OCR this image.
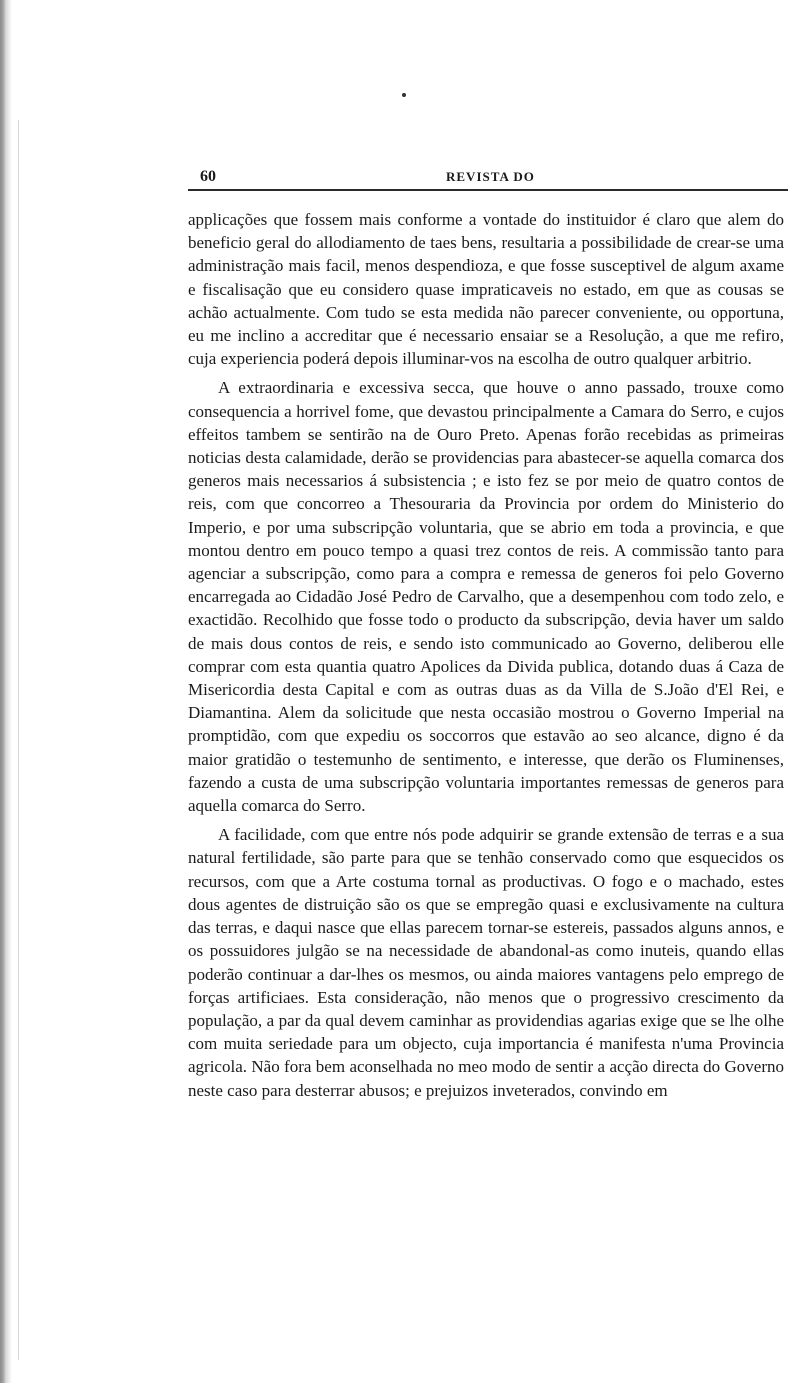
60	REVISTA DO

applicações que fossem mais conforme a vontade do instituidor é claro que alem do beneficio geral do allodiamento de taes bens, resultaria a possibilidade de crear-se uma administração mais facil, menos despendioza, e que fosse susceptivel de algum axame e fiscalisação que eu considero quase impraticaveis no estado, em que as cousas se achão actualmente. Com tudo se esta medida não parecer conveniente, ou opportuna, eu me inclino a accreditar que é necessario ensaiar se a Resolução, a que me refiro, cuja experiencia poderá depois illuminar-vos na escolha de outro qualquer arbitrio.

A extraordinaria e excessiva secca, que houve o anno passado, trouxe como consequencia a horrivel fome, que devastou principalmente a Camara do Serro, e cujos effeitos tambem se sentirão na de Ouro Preto. Apenas forão recebidas as primeiras noticias desta calamidade, derão se providencias para abastecer-se aquella comarca dos generos mais necessarios á subsistencia ; e isto fez se por meio de quatro contos de reis, com que concorreo a Thesouraria da Provincia por ordem do Ministerio do Imperio, e por uma subscripção voluntaria, que se abrio em toda a provincia, e que montou dentro em pouco tempo a quasi trez contos de reis. A commissão tanto para agenciar a subscripção, como para a compra e remessa de generos foi pelo Governo encarregada ao Cidadão José Pedro de Carvalho, que a desempenhou com todo zelo, e exactidão. Recolhido que fosse todo o producto da subscripção, devia haver um saldo de mais dous contos de reis, e sendo isto communicado ao Governo, deliberou elle comprar com esta quantia quatro Apolices da Divida publica, dotando duas á Caza de Misericordia desta Capital e com as outras duas as da Villa de S.João d'El Rei, e Diamantina. Alem da solicitude que nesta occasião mostrou o Governo Imperial na promptidão, com que expediu os soccorros que estavão ao seo alcance, digno é da maior gratidão o testemunho de sentimento, e interesse, que derão os Fluminenses, fazendo a custa de uma subscripção voluntaria importantes remessas de generos para aquella comarca do Serro.

A facilidade, com que entre nós pode adquirir se grande extensão de terras e a sua natural fertilidade, são parte para que se tenhão conservado como que esquecidos os recursos, com que a Arte costuma tornal as productivas. O fogo e o machado, estes dous agentes de distruição são os que se empregão quasi e exclusivamente na cultura das terras, e daqui nasce que ellas parecem tornar-se estereis, passados alguns annos, e os possuidores julgão se na necessidade de abandonal-as como inuteis, quando ellas poderão continuar a dar-lhes os mesmos, ou ainda maiores vantagens pelo emprego de forças artificiaes. Esta consideração, não menos que o progressivo crescimento da população, a par da qual devem caminhar as providendias agarias exige que se lhe olhe com muita seriedade para um objecto, cuja importancia é manifesta n'uma Provincia agricola. Não fora bem aconselhada no meo modo de sentir a acção directa do Governo neste caso para desterrar abusos; e prejuizos inveterados, convindo em
